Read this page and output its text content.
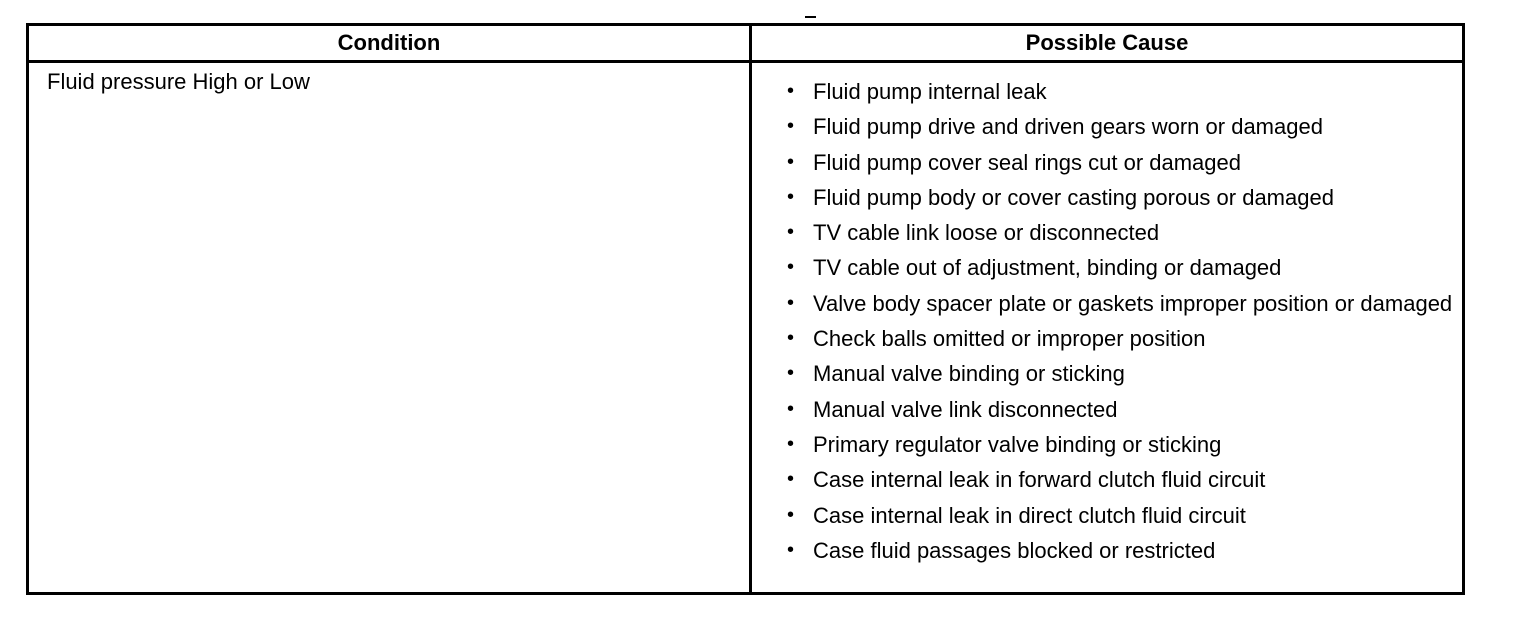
Condition	Possible Cause
Fluid pressure High or Low	• Fluid pump internal leak
• Fluid pump drive and driven gears worn or damaged
• Fluid pump cover seal rings cut or damaged
• Fluid pump body or cover casting porous or damaged
• TV cable link loose or disconnected
• TV cable out of adjustment, binding or damaged
• Valve body spacer plate or gaskets improper position or damaged
• Check balls omitted or improper position
• Manual valve binding or sticking
• Manual valve link disconnected
• Primary regulator valve binding or sticking
• Case internal leak in forward clutch fluid circuit
• Case internal leak in direct clutch fluid circuit
• Case fluid passages blocked or restricted
